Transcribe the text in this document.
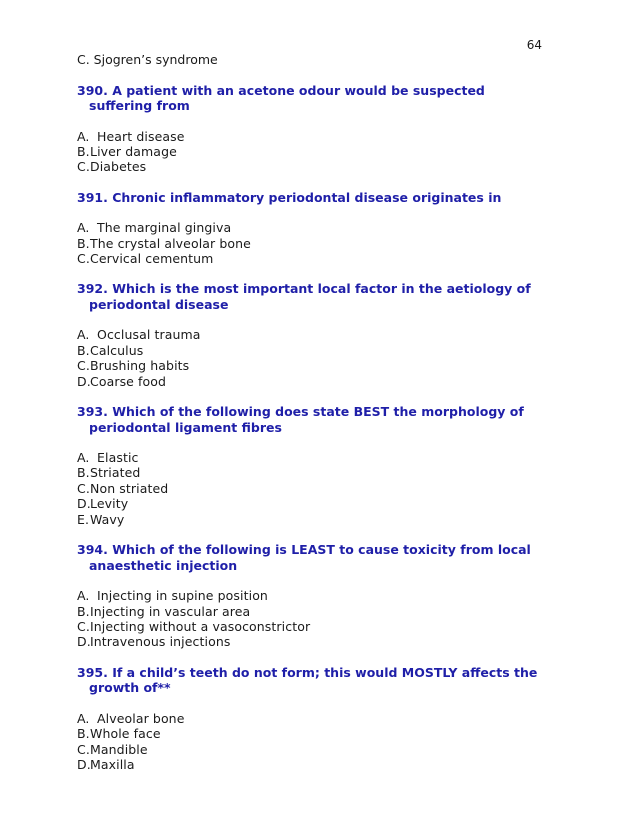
64

C. Sjogren’s syndrome

390. A patient with an acetone odour would be suspected
suffering from

A. Heart disease

B.Liver damage

C.Diabetes

391. Chronic inflammatory periodontal disease originates in

A. The marginal gingiva

B.The crystal alveolar bone

C.Cervical cementum

392. Which is the most important local factor in the aetiology of
periodontal disease

A. Occlusal trauma

B.Calculus

C.Brushing habits

D.Coarse food

393. Which of the following does state BEST the morphology of
periodontal ligament fibres

A. Elastic

B.Striated

C.Non striated

D.Levity

E.Wavy

394. Which of the following is LEAST to cause toxicity from local
anaesthetic injection

A. Injecting in supine position

B.Injecting in vascular area

C.Injecting without a vasoconstrictor

D.Intravenous injections

395. If a child’s teeth do not form; this would MOSTLY affects the
growth of**

A. Alveolar bone

B.Whole face

C.Mandible

D.Maxilla
